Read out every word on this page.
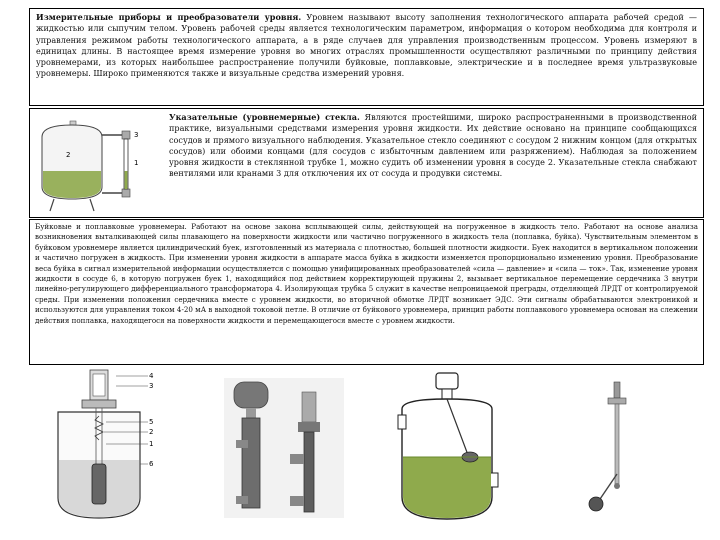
Измерительные приборы и преобразователи уровня. Уровнем называют высоту заполнения технологического аппарата рабочей средой — жидкостью или сыпучим телом. Уровень рабочей среды является технологическим параметром, информация о котором необходима для контроля и управления режимом работы технологического аппарата, а в ряде случаев для управления производственным процессом. Уровень измеряют в единицах длины. В настоящее время измерение уровня во многих отраслях промышленности осуществляют различными по принципу действия уровнемерами, из которых наибольшее распространение получили буйковые, поплавковые, электрические и в последнее время ультразвуковые уровнемеры. Широко применяются также и визуальные средства измерений уровня.

3
1
2

Указательные (уровнемерные) стекла. Являются простейшими, широко распространенными в производственной практике, визуальными средствами измерения уровня жидкости. Их действие основано на принципе сообщающихся сосудов и прямого визуального наблюдения. Указательное стекло соединяют с сосудом 2 нижним концом (для открытых сосудов) или обоими концами (для сосудов с избыточным давлением или разряжением). Наблюдая за положением уровня жидкости в стеклянной трубке 1, можно судить об изменении уровня в сосуде 2. Указательные стекла снабжают вентилями или кранами 3 для отключения их от сосуда и продувки системы.

Буйковые и поплавковые уровнемеры. Работают на основе закона всплывающей силы, действующей на погруженное в жидкость тело. Работают на основе анализа возникновения выталкивающей силы плавающего на поверхности жидкости или частично погруженного в жидкость тела (поплавка, буйка). Чувствительным элементом в буйковом уровнемере является цилиндрический буек, изготовленный из материала с плотностью, большей плотности жидкости. Буек находится в вертикальном положении и частично погружен в жидкость. При изменении уровня жидкости в аппарате масса буйка в жидкости изменяется пропорционально изменению уровня. Преобразование веса буйка в сигнал измерительной информации осуществляется с помощью унифицированных преобразователей «сила — давление» и «сила — ток». Так, изменение уровня жидкости в сосуде 6, в которую погружен буек 1, находящийся под действием корректирующей пружины 2, вызывает вертикальное перемещение сердечника 3 внутри линейно-регулирующего дифференциального трансформатора 4. Изолирующая трубка 5 служит в качестве непроницаемой преграды, отделяющей ЛРДТ от контролируемой среды. При изменении положения сердечника вместе с уровнем жидкости, во вторичной обмотке ЛРДТ возникает ЭДС. Эти сигналы обрабатываются электроникой и используются для управления током 4-20 мА в выходной токовой петле. В отличие от буйкового уровнемера, принцип работы поплавкового уровнемера основан на слежении действия поплавка, находящегося на поверхности жидкости и перемещающегося вместе с уровнем жидкости.

4
3
5
2
1
6
